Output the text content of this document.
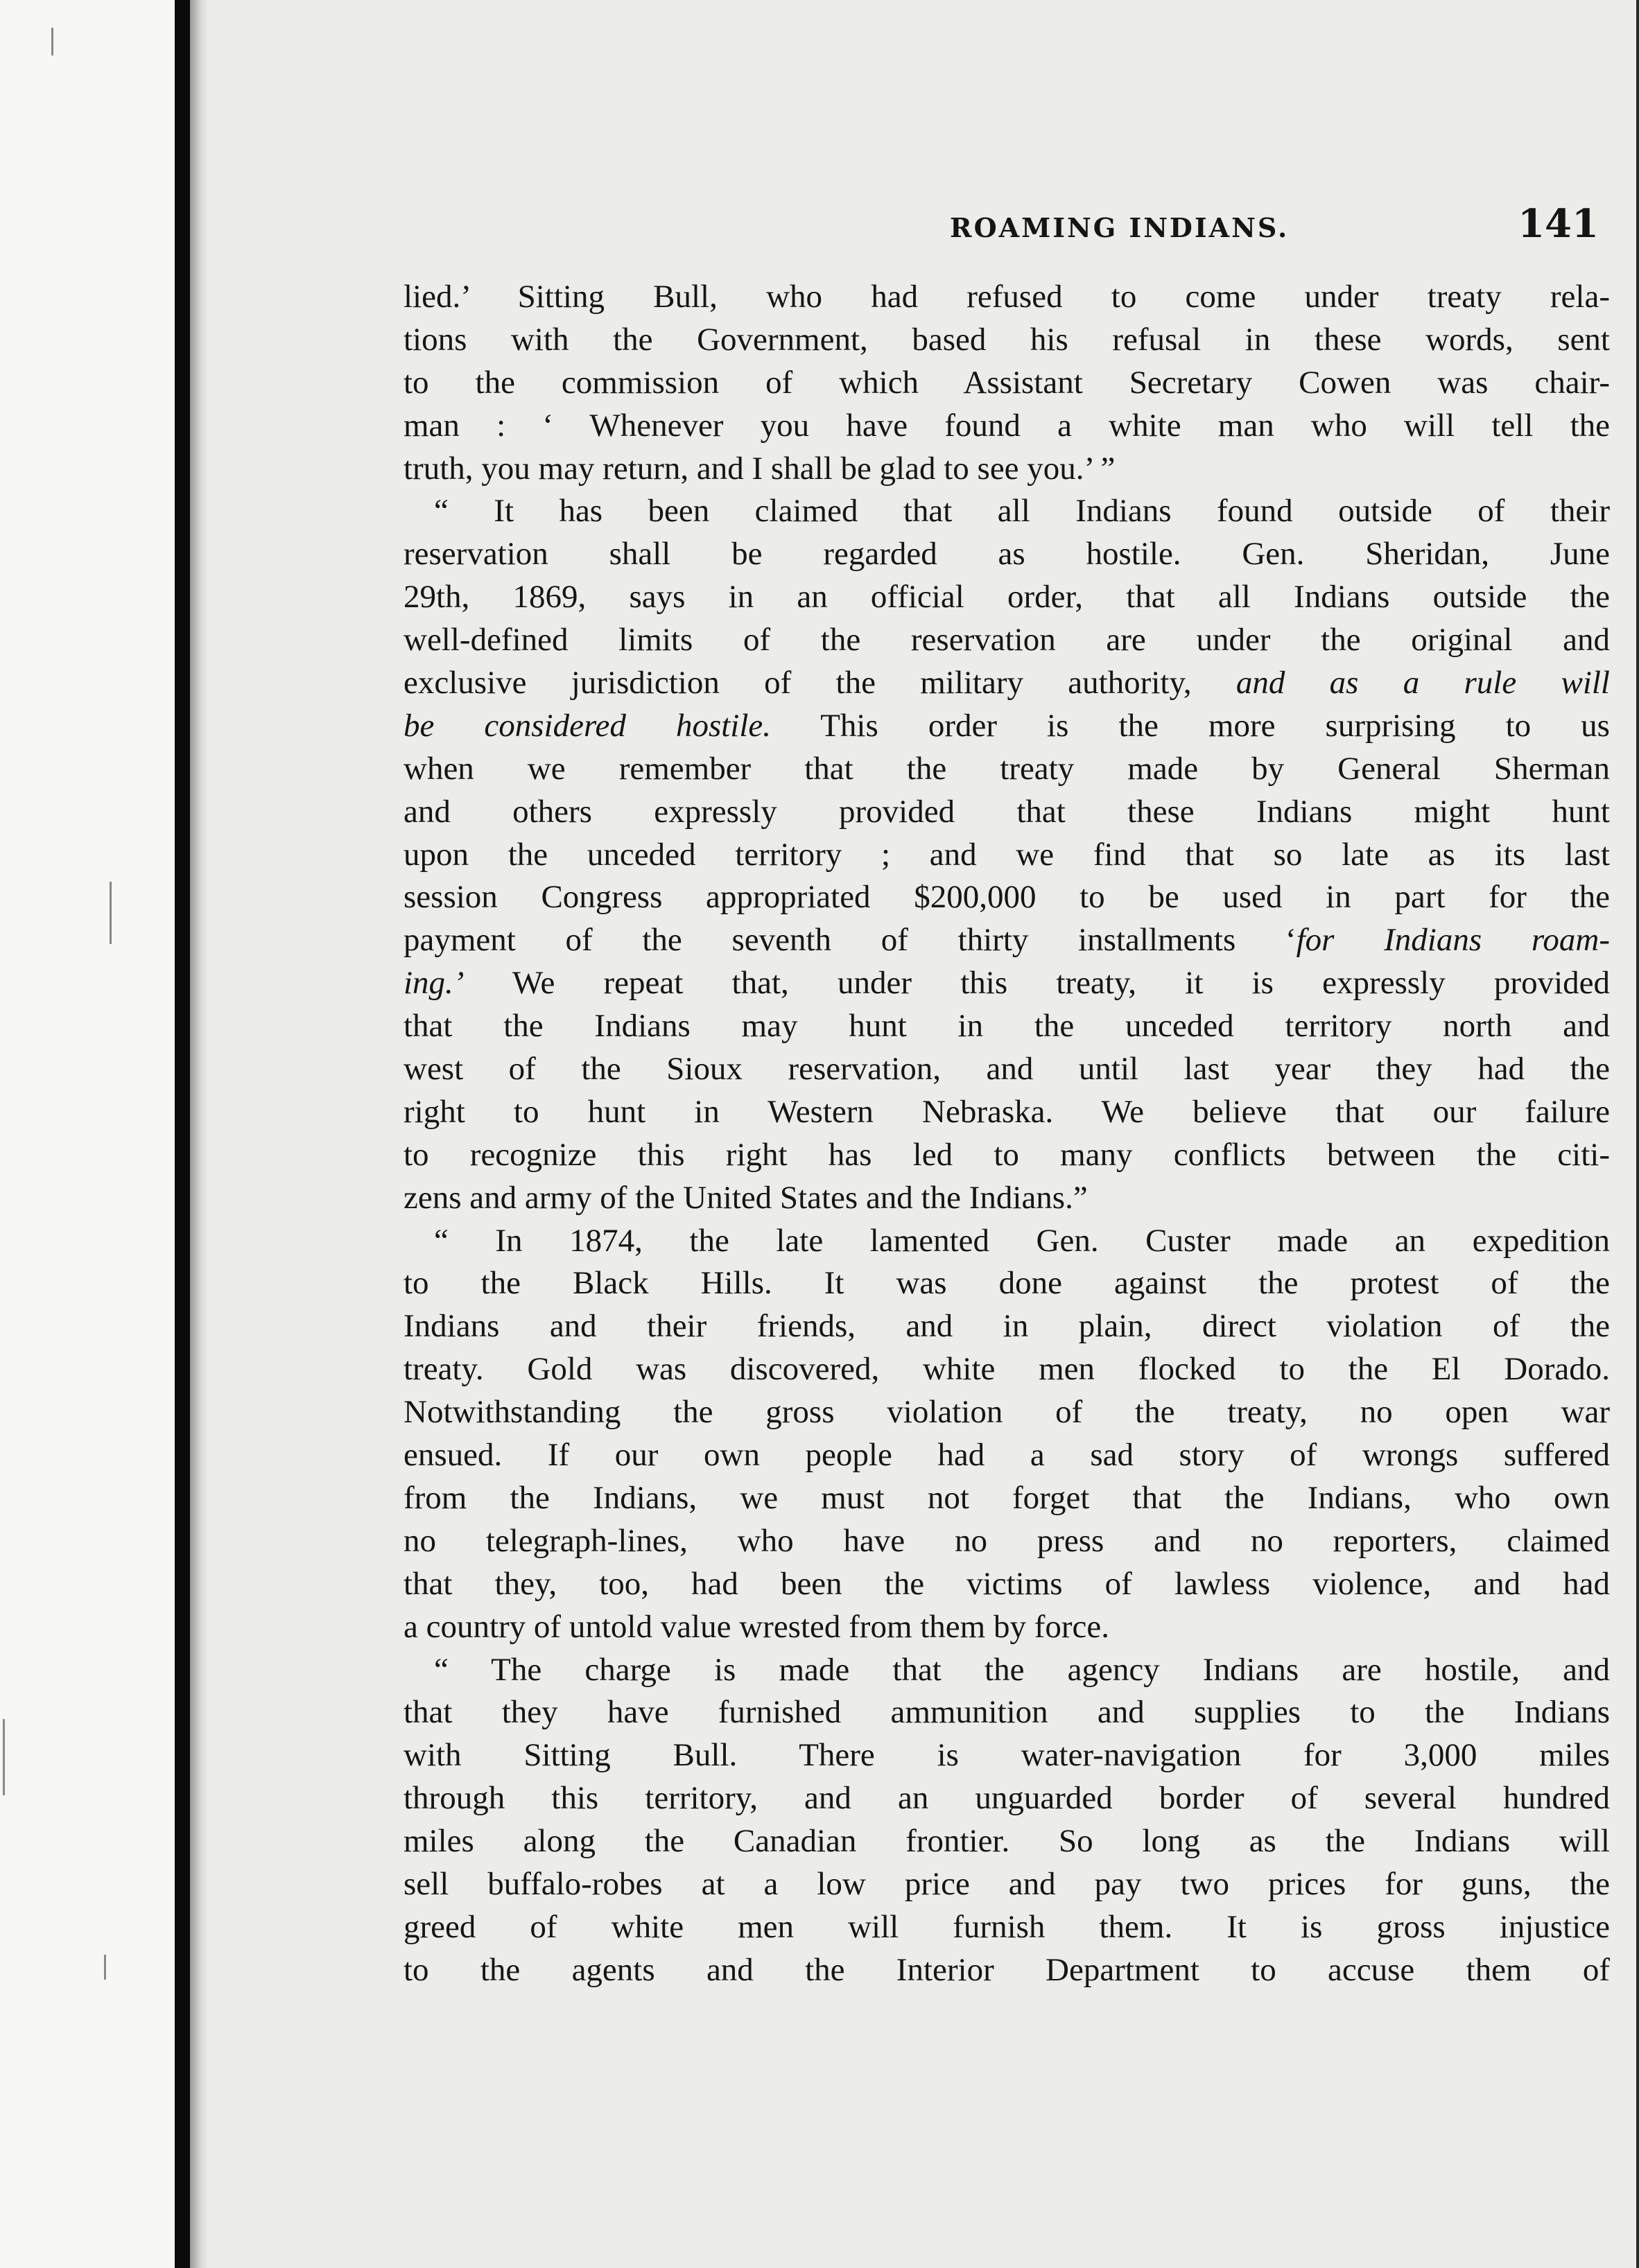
ROAMING INDIANS.	141
lied.’ Sitting Bull, who had refused to come under treaty rela-
tions with the Government, based his refusal in these words, sent
to the commission of which Assistant Secretary Cowen was chair-
man : ‘ Whenever you have found a white man who will tell the
truth, you may return, and I shall be glad to see you.’ ”
“ It has been claimed that all Indians found outside of their
reservation shall be regarded as hostile. Gen. Sheridan, June
29th, 1869, says in an official order, that all Indians outside the
well-defined limits of the reservation are under the original and
exclusive jurisdiction of the military authority, and as a rule will
be considered hostile. This order is the more surprising to us
when we remember that the treaty made by General Sherman
and others expressly provided that these Indians might hunt
upon the unceded territory ; and we find that so late as its last
session Congress appropriated $200,000 to be used in part for the
payment of the seventh of thirty installments ‘for Indians roam-
ing.’ We repeat that, under this treaty, it is expressly provided
that the Indians may hunt in the unceded territory north and
west of the Sioux reservation, and until last year they had the
right to hunt in Western Nebraska. We believe that our failure
to recognize this right has led to many conflicts between the citi-
zens and army of the United States and the Indians.”
“ In 1874, the late lamented Gen. Custer made an expedition
to the Black Hills. It was done against the protest of the
Indians and their friends, and in plain, direct violation of the
treaty. Gold was discovered, white men flocked to the El Dorado.
Notwithstanding the gross violation of the treaty, no open war
ensued. If our own people had a sad story of wrongs suffered
from the Indians, we must not forget that the Indians, who own
no telegraph-lines, who have no press and no reporters, claimed
that they, too, had been the victims of lawless violence, and had
a country of untold value wrested from them by force.
“ The charge is made that the agency Indians are hostile, and
that they have furnished ammunition and supplies to the Indians
with Sitting Bull. There is water-navigation for 3,000 miles
through this territory, and an unguarded border of several hundred
miles along the Canadian frontier. So long as the Indians will
sell buffalo-robes at a low price and pay two prices for guns, the
greed of white men will furnish them. It is gross injustice
to the agents and the Interior Department to accuse them of
